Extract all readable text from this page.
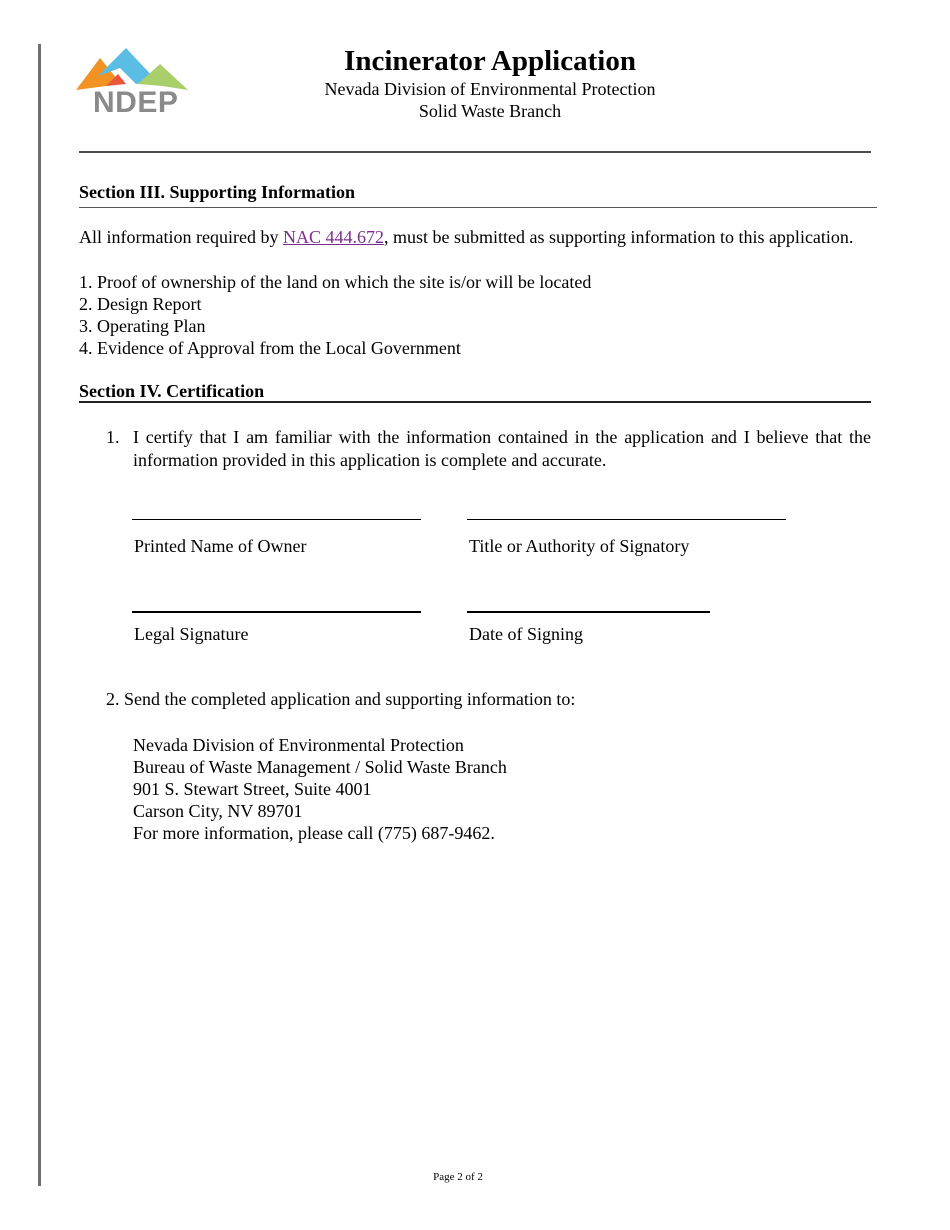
NDEP
Incinerator Application
Nevada Division of Environmental Protection
Solid Waste Branch
Section III. Supporting Information
All information required by NAC 444.672, must be submitted as supporting information to this application.
1. Proof of ownership of the land on which the site is/or will be located
2. Design Report
3. Operating Plan
4. Evidence of Approval from the Local Government
Section IV. Certification
1. I certify that I am familiar with the information contained in the application and I believe that the information provided in this application is complete and accurate.
Printed Name of Owner	Title or Authority of Signatory
Legal Signature	Date of Signing
2. Send the completed application and supporting information to:
Nevada Division of Environmental Protection
Bureau of Waste Management / Solid Waste Branch
901 S. Stewart Street, Suite 4001
Carson City, NV 89701
For more information, please call (775) 687-9462.
Page 2 of 2
